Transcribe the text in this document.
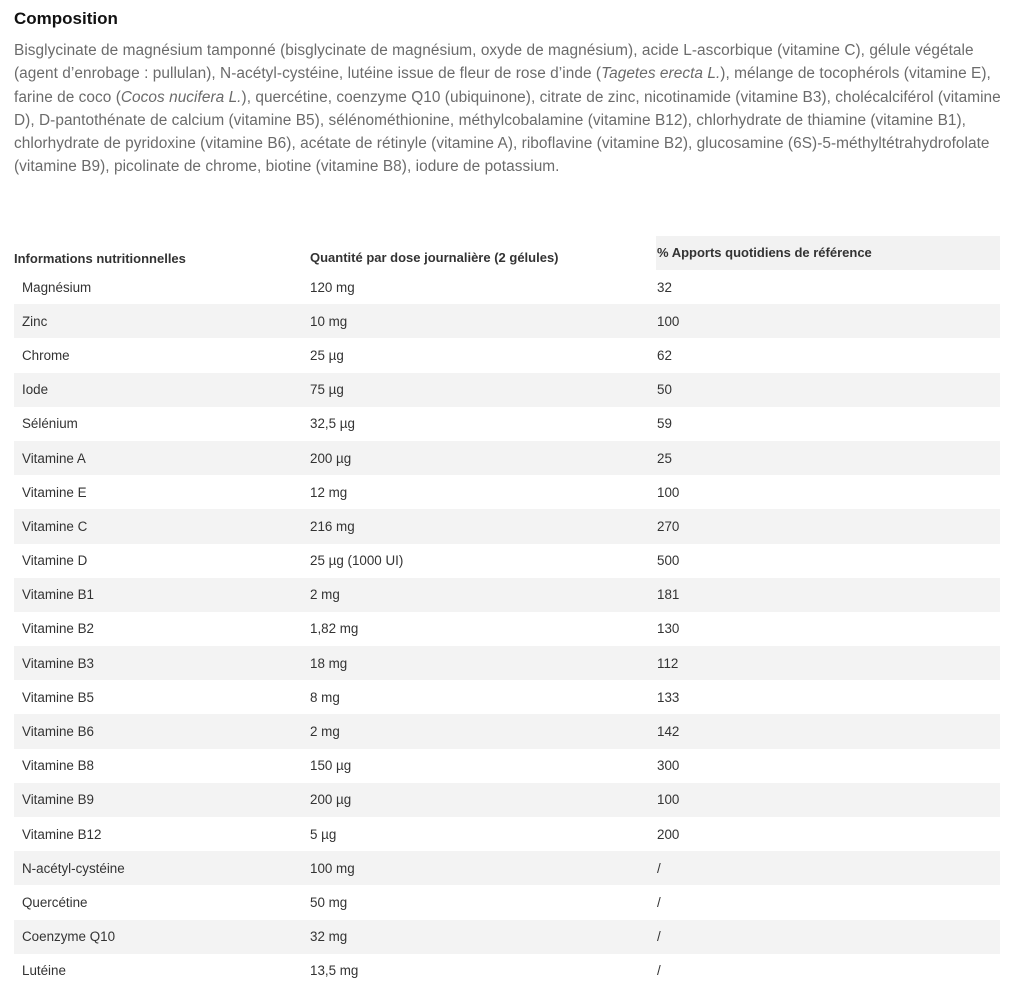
Composition

Bisglycinate de magnésium tamponné (bisglycinate de magnésium, oxyde de magnésium), acide L-ascorbique (vitamine C), gélule végétale (agent d’enrobage : pullulan), N-acétyl-cystéine, lutéine issue de fleur de rose d’inde (Tagetes erecta L.), mélange de tocophérols (vitamine E), farine de coco (Cocos nucifera L.), quercétine, coenzyme Q10 (ubiquinone), citrate de zinc, nicotinamide (vitamine B3), cholécalciférol (vitamine D), D-pantothénate de calcium (vitamine B5), sélénométhionine, méthylcobalamine (vitamine B12), chlorhydrate de thiamine (vitamine B1), chlorhydrate de pyridoxine (vitamine B6), acétate de rétinyle (vitamine A), riboflavine (vitamine B2), glucosamine (6S)-5-méthyltétrahydrofolate (vitamine B9), picolinate de chrome, biotine (vitamine B8), iodure de potassium.

Informations nutritionnelles	Quantité par dose journalière (2 gélules)	% Apports quotidiens de référence
Magnésium	120 mg	32
Zinc	10 mg	100
Chrome	25 µg	62
Iode	75 µg	50
Sélénium	32,5 µg	59
Vitamine A	200 µg	25
Vitamine E	12 mg	100
Vitamine C	216 mg	270
Vitamine D	25 µg (1000 UI)	500
Vitamine B1	2 mg	181
Vitamine B2	1,82 mg	130
Vitamine B3	18 mg	112
Vitamine B5	8 mg	133
Vitamine B6	2 mg	142
Vitamine B8	150 µg	300
Vitamine B9	200 µg	100
Vitamine B12	5 µg	200
N-acétyl-cystéine	100 mg	/
Quercétine	50 mg	/
Coenzyme Q10	32 mg	/
Lutéine	13,5 mg	/
